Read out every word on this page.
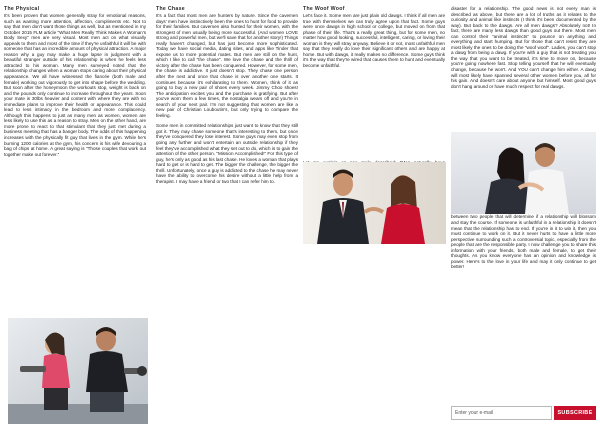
The Physical

It's been proven that women generally stray for emotional reasons, such as wanting more attention, affection, compliments etc. Not to say that men don't want those things as well, but as mentioned in my October 2015 FLM article "What Men Really Think Makes A Woman's Body Sexy" men are very visual. Most men act on what visually appeals to them and most of the time if they're unfaithful it will be with someone that has an incredible amount of physical attraction. A major reason why a guy may make a huge lapse in judgment with a beautiful stranger outside of his relationship is when he feels less attracted to his woman. Many men surveyed noted that the relationship changes when a woman stops caring about their physical appearance. We all have witnessed the fiancée (both male and female) working out vigorously to get into shape before the wedding. But soon after the honeymoon the workouts stop, weight is back on and the pounds only continue to increase throughout the years. Soon your mate is 30lbs heavier and content with where they are with no immediate plans to improve their health or appearance. This could lead to less intimacy in the bedroom and more complacency. Although this happens to just as many men as women, women are less likely to use this as a reason to stray. Men on the other hand, are more prone to react to that stimulant that they just met during a business meeting that has a banger body. The odds of this happening increases with the physically fit guy that lives in the gym. While he's burning 1200 calories at the gym, his concern is his wife devouring a bag of chips at home. A great saying is "Those couples that work out together make out forever."

The Chase

It's a fact that most men are hunters by nature. Since the cavemen days' men have instinctively been the ones to hunt for food to provide for their families. But cavemen also hunted for their women, with the strongest of men usually being more successful. (And women LOVE strong and powerful men, but we'll save that for another story!) Things really haven't changed, but has just become more sophisticated. Today we have social media, dating sites, and apps like Tinder that expose us to more potential mates. But men are still on the hunt, which I like to call "the chase". We love the chase and the thrill of victory after the chase has been conquered. However, for some men, the chase is addictive. It just doesn't stop. They chase one person after the next and once that chase is over another one starts. It continues because it's exhilarating to them. Women, think of it as going to buy a new pair of shoes every week. Jimmy Choo shoes! The anticipation excites you and the purchase is gratifying. But after you've worn them a few times, the nostalgia wears off and you're in search of your next pair. I'm not suggesting that women are like a new pair of Christian Louboutin's, but only trying to compare the feeling.

Some men in committed relationships just want to know that they still got it. They may chase someone that's interesting to them, but once they've conquered they lose interest. Some guys may even stop from going any further and won't entertain an outside relationship if they feel they've accomplished what they set out to do, which is to gain the attention of the other person. "Mission Accomplished!" For this type of guy, he's only as good as his last chase. He loves a woman that plays hard to get or is hard to get. The bigger the challenge, the bigger the thrill. Unfortunately, once a guy is addicted to the chase he may never have the ability to overcome his desire without a little help from a therapist. I may have a friend or two that I can refer him to.

The Woof Woof

Let's face it. Some men are just plain old dawgs. I think if all men are true with themselves we can truly agree upon that fact. Some guys were once dawgs in high school or college, but moved on from that phase of their life. That's a really great thing, but for some men, no matter how good looking, successful, intelligent, caring, or loving their woman is they will stray anyway. Believe it or not, most unfaithful men say that they really do love their significant others and are happy at home. But with dawgs, it really makes no difference. Some guys think it's the way that they're wired that causes them to hunt and eventually become unfaithful.

disaster for a relationship. The good news is not every man is described as above, but there are a lot of truths as it relates to the curiosity and animal like instincts (I think it's been documented by the way). But back to the dawgs. Are all men dawgs? Absolutely not! In fact, there are many less dawgs than good guys out there. Most men can control their "animal instincts" to pounce on anything and everything and start humping. But for those that can't resist they are most likely the ones to be doing the "woof woof". Ladies, you can't stop a dawg from being a dawg. If you're with a guy that is not treating you the way that you want to be treated, it's time to move on, because you're going nowhere fast. Stop telling yourself that he will eventually change, because he won't. And YOU can't change him either. A dawg will most likely have spanned several other women before you, all for his gain. And doesn't care about anyone but himself. Most good guys don't hang around or have much respect for real dawgs.

between two people that will determine if a relationship will blossom and stay the course. If someone is unfaithful in a relationship it doesn't mean that the relationship has to end. If you're in it to win it, then you must continue to work on it. But it never hurts to have a little more perspective surrounding such a controversial topic, especially from the people that are the responsible party. I now challenge you to share this information with your friends, both male and female, to get their thoughts. As you know everyone has an opinion and knowledge is power. Here's to the love in your life and may it only continue to get better!

Enter your e-mail
SUBSCRIBE
